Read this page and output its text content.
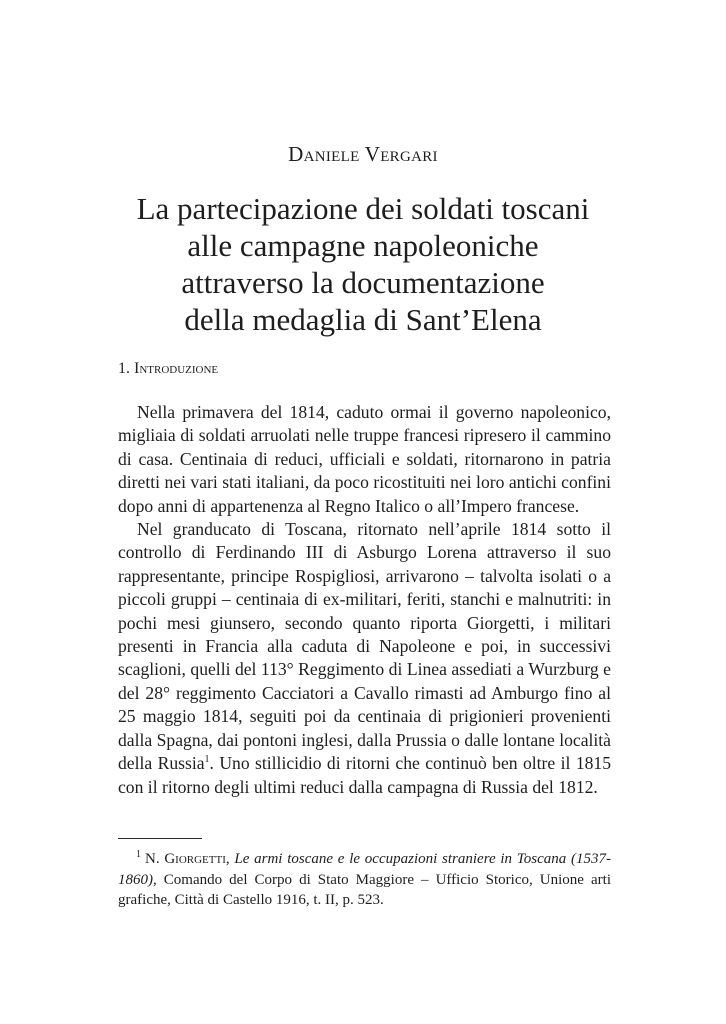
Daniele Vergari
La partecipazione dei soldati toscani
alle campagne napoleoniche
attraverso la documentazione
della medaglia di Sant’Elena
1. Introduzione

Nella primavera del 1814, caduto ormai il governo napoleonico, migliaia di soldati arruolati nelle truppe francesi ripresero il cammino di casa. Centinaia di reduci, ufficiali e soldati, ritornarono in patria diretti nei vari stati italiani, da poco ricostituiti nei loro antichi confini dopo anni di appartenenza al Regno Italico o all’Impero francese.

Nel granducato di Toscana, ritornato nell’aprile 1814 sotto il controllo di Ferdinando III di Asburgo Lorena attraverso il suo rappresentante, principe Rospigliosi, arrivarono – talvolta isolati o a piccoli gruppi – centinaia di ex-militari, feriti, stanchi e malnutriti: in pochi mesi giunsero, secondo quanto riporta Giorgetti, i militari presenti in Francia alla caduta di Napoleone e poi, in successivi scaglioni, quelli del 113° Reggimento di Linea assediati a Wurzburg e del 28° reggimento Cacciatori a Cavallo rimasti ad Amburgo fino al 25 maggio 1814, seguiti poi da centinaia di prigionieri provenienti dalla Spagna, dai pontoni inglesi, dalla Prussia o dalle lontane località della Russia$^1$. Uno stillicidio di ritorni che continuò ben oltre il 1815 con il ritorno degli ultimi reduci dalla campagna di Russia del 1812.

$^1$ N. Giorgetti, Le armi toscane e le occupazioni straniere in Toscana (1537-1860), Comando del Corpo di Stato Maggiore – Ufficio Storico, Unione arti grafiche, Città di Castello 1916, t. II, p. 523.
